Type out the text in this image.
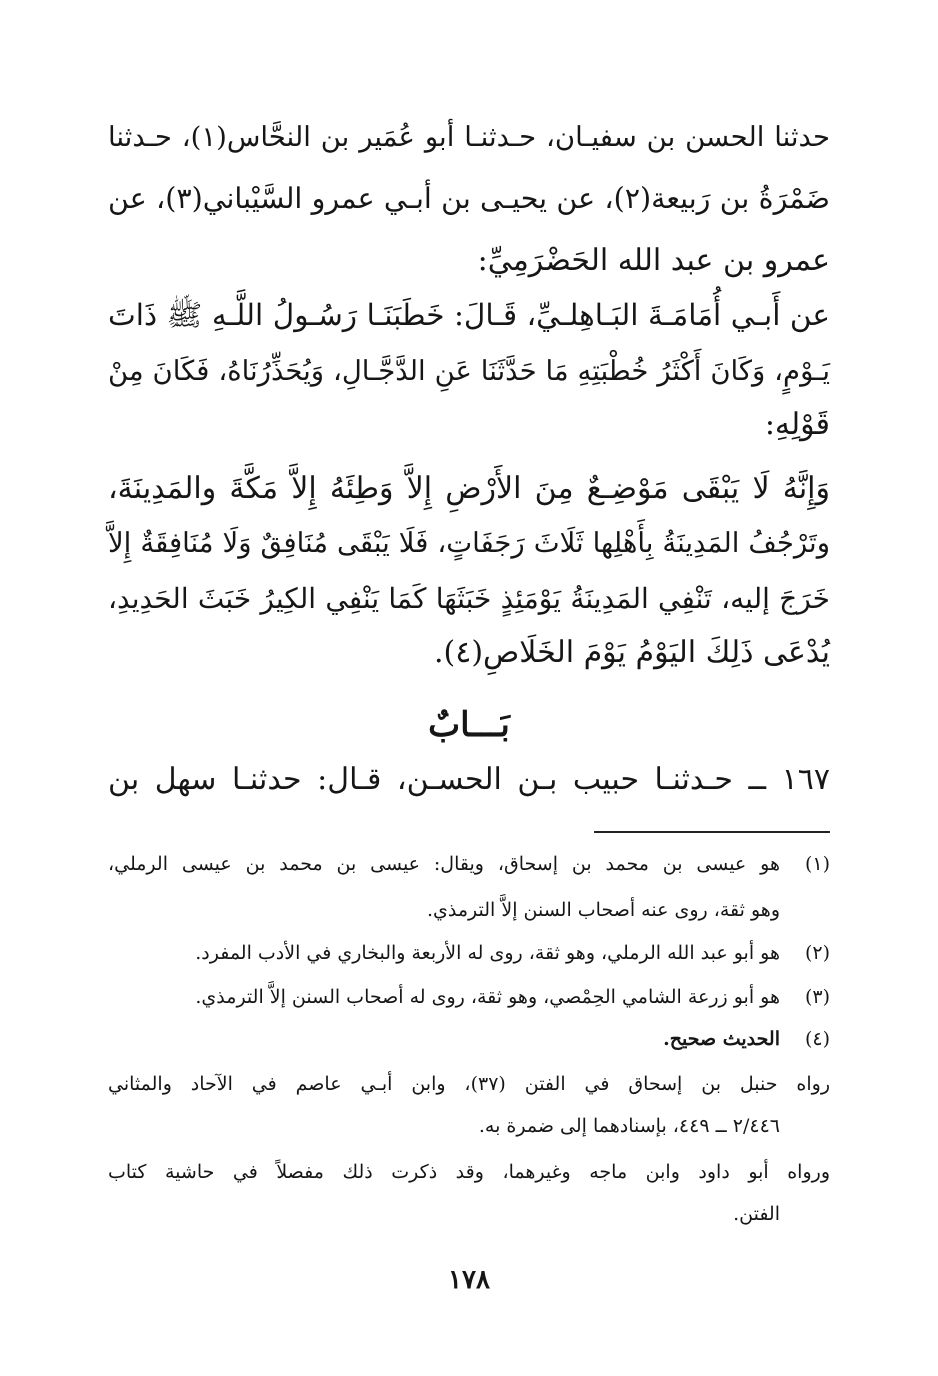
حدثنا الحسن بن سفيـان، حـدثنـا أبو عُمَير بن النحَّاس(١)، حـدثنا
ضَمْرَةُ بن رَبيعة(٢)، عن يحيـى بن أبـي عمرو السَّيْباني(٣)، عن
عمرو بن عبد الله الحَضْرَمِيِّ:
عن أَبـي أُمَامَـةَ البَـاهِلـيِّ، قَـالَ: خَطَبَنَـا رَسُـولُ اللَّـهِ ﷺ ذَاتَ
يَـوْمٍ، وَكَانَ أَكْثَرُ خُطْبَتِهِ مَا حَدَّثَنَا عَنِ الدَّجَّـالِ، وَيُحَذِّرُنَاهُ، فَكَانَ مِنْ
قَوْلِهِ:
وَإِنَّهُ لَا يَبْقَى مَوْضِـعٌ مِنَ الأَرْضِ إِلاَّ وَطِئَهُ إِلاَّ مَكَّةَ والمَدِينَةَ،
وتَرْجُفُ المَدِينَةُ بِأَهْلِها ثَلَاثَ رَجَفَاتٍ، فَلَا يَبْقَى مُنَافِقٌ وَلَا مُنَافِقَةٌ إِلاَّ
خَرَجَ إليه، تَنْفِي المَدِينَةُ يَوْمَئِذٍ خَبَثَهَا كَمَا يَنْفِي الكِيرُ خَبَثَ الحَدِيدِ،
يُدْعَى ذَلِكَ اليَوْمُ يَوْمَ الخَلَاصِ(٤).
بَـــابٌ
١٦٧ ــ حـدثنـا حبيب بـن الحسـن، قـال: حدثنـا سهل بن
(١)
هو عيسى بن محمد بن إسحاق، ويقال: عيسى بن محمد بن عيسى الرملي،
وهو ثقة، روى عنه أصحاب السنن إلاَّ الترمذي.
(٢)
هو أبو عبد الله الرملي، وهو ثقة، روى له الأربعة والبخاري في الأدب المفرد.
(٣)
هو أبو زرعة الشامي الحِمْصي، وهو ثقة، روى له أصحاب السنن إلاَّ الترمذي.
(٤)
الحديث صحيح.
رواه حنبل بن إسحاق في الفتن (٣٧)، وابن أبـي عاصم في الآحاد والمثاني
٢/٤٤٦ ــ ٤٤٩، بإسنادهما إلى ضمرة به.
ورواه أبو داود وابن ماجه وغيرهما، وقد ذكرت ذلك مفصلاً في حاشية كتاب
الفتن.
١٧٨
